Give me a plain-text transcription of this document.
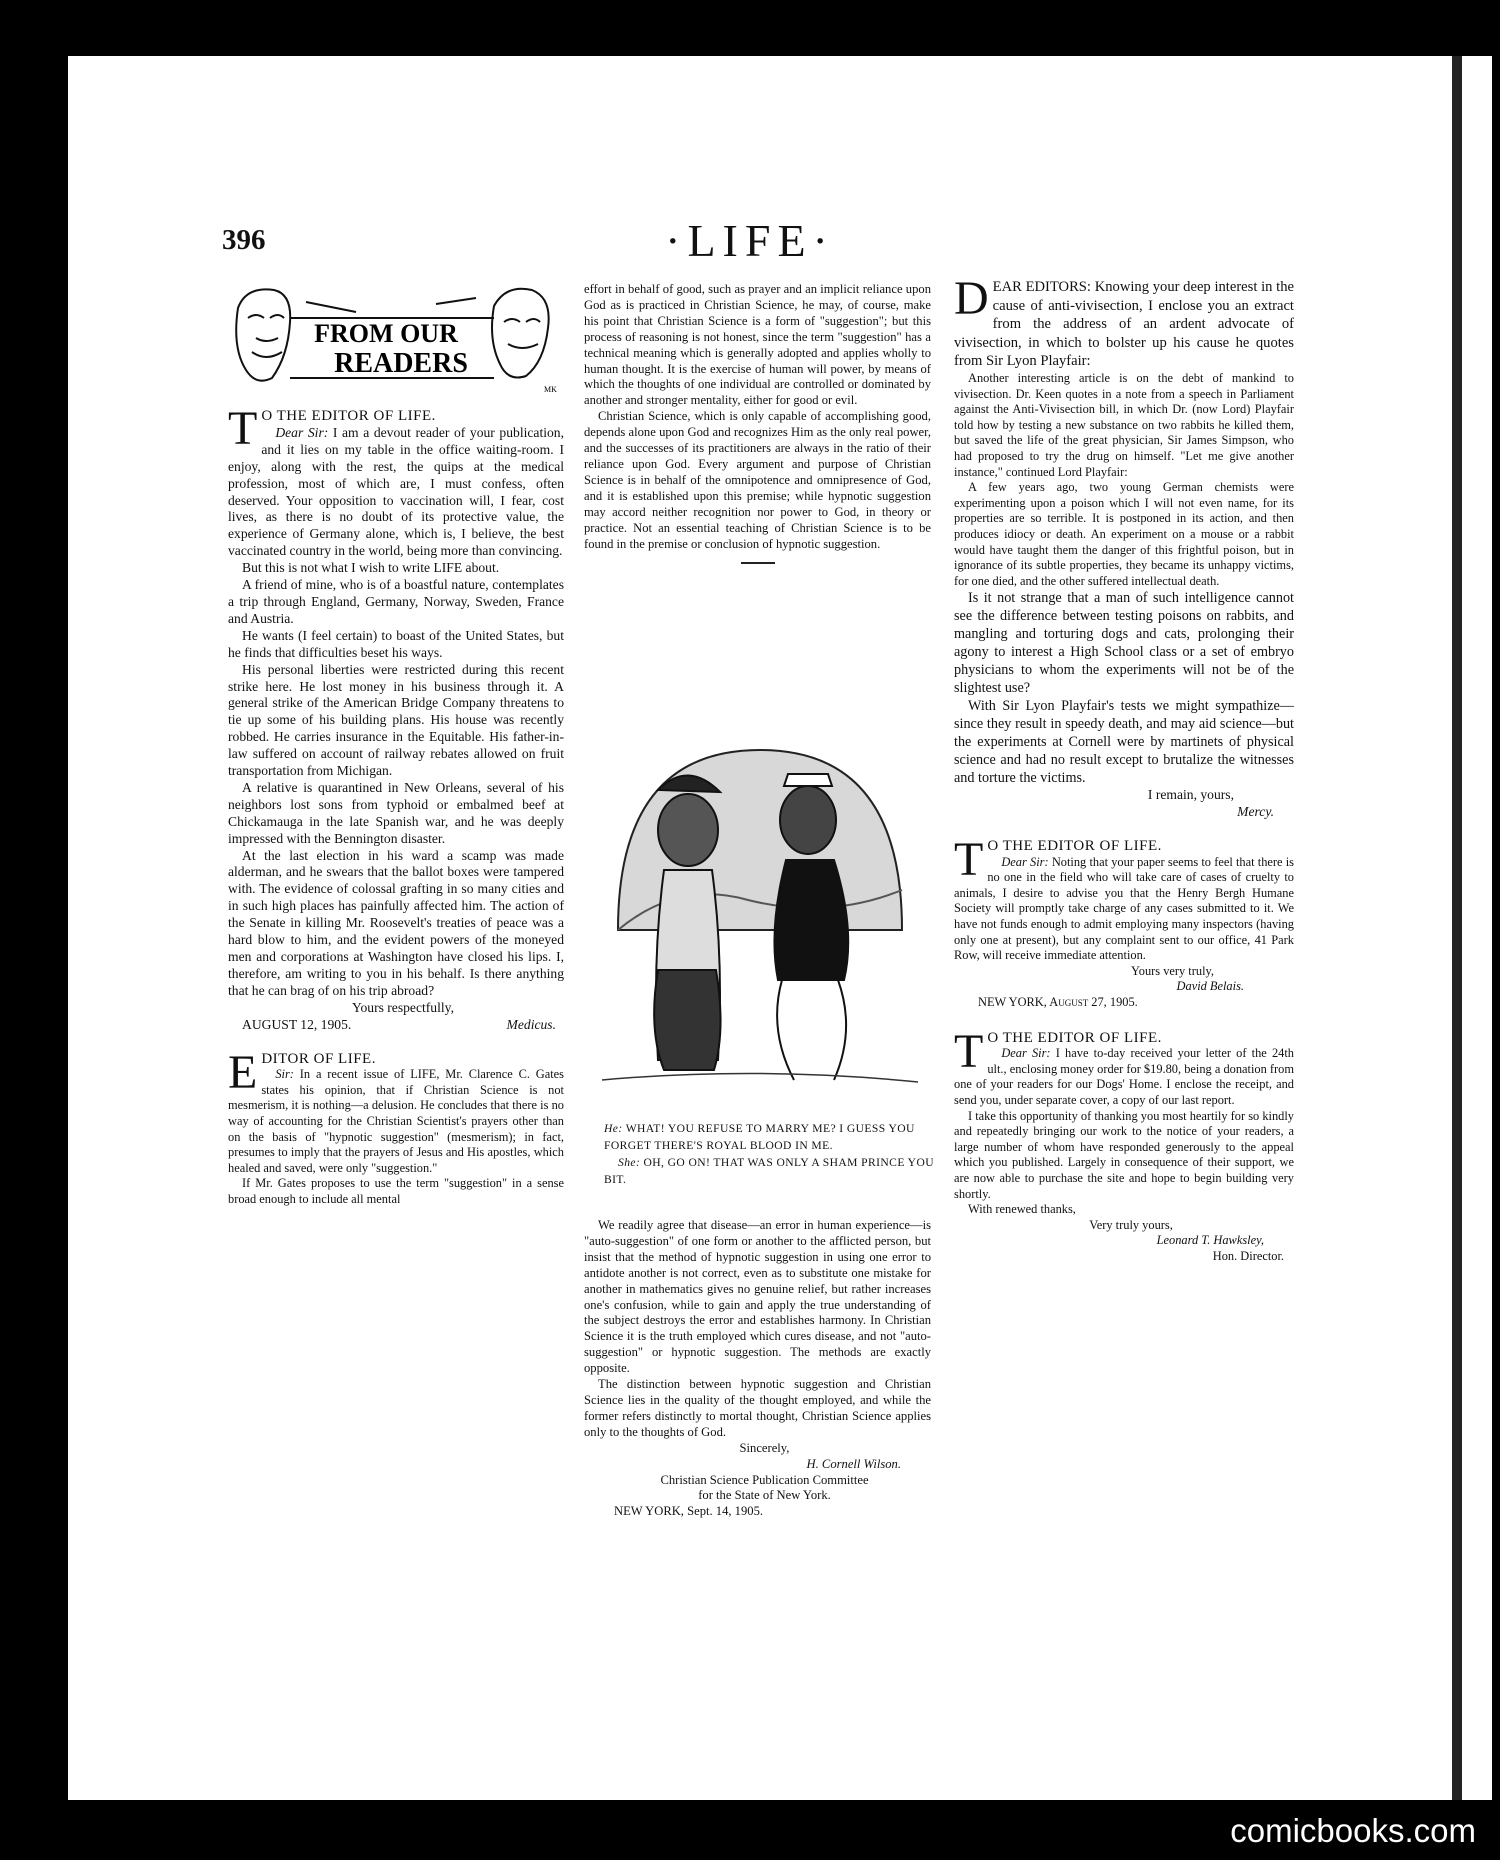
396	·LIFE·
FROM OUR
READERS
MK
T O THE EDITOR OF LIFE.

Dear Sir: I am a devout reader of your publication, and it lies on my table in the office waiting-room. I enjoy, along with the rest, the quips at the medical profession, most of which are, I must confess, often deserved. Your opposition to vaccination will, I fear, cost lives, as there is no doubt of its protective value, the experience of Germany alone, which is, I believe, the best vaccinated country in the world, being more than convincing.

But this is not what I wish to write LIFE about.

A friend of mine, who is of a boastful nature, contemplates a trip through England, Germany, Norway, Sweden, France and Austria.

He wants (I feel certain) to boast of the United States, but he finds that difficulties beset his ways.

His personal liberties were restricted during this recent strike here. He lost money in his business through it. A general strike of the American Bridge Company threatens to tie up some of his building plans. His house was recently robbed. He carries insurance in the Equitable. His father-in-law suffered on account of railway rebates allowed on fruit transportation from Michigan.

A relative is quarantined in New Orleans, several of his neighbors lost sons from typhoid or embalmed beef at Chickamauga in the late Spanish war, and he was deeply impressed with the Bennington disaster.

At the last election in his ward a scamp was made alderman, and he swears that the ballot boxes were tampered with. The evidence of colossal grafting in so many cities and in such high places has painfully affected him. The action of the Senate in killing Mr. Roosevelt's treaties of peace was a hard blow to him, and the evident powers of the moneyed men and corporations at Washington have closed his lips. I, therefore, am writing to you in his behalf. Is there anything that he can brag of on his trip abroad?

Yours respectfully,

AUGUST 12, 1905.	Medicus.

E DITOR OF LIFE.

Sir: In a recent issue of LIFE, Mr. Clarence C. Gates states his opinion, that if Christian Science is not mesmerism, it is nothing—a delusion. He concludes that there is no way of accounting for the Christian Scientist's prayers other than on the basis of "hypnotic suggestion" (mesmerism); in fact, presumes to imply that the prayers of Jesus and His apostles, which healed and saved, were only "suggestion."

If Mr. Gates proposes to use the term "suggestion" in a sense broad enough to include all mental

effort in behalf of good, such as prayer and an implicit reliance upon God as is practiced in Christian Science, he may, of course, make his point that Christian Science is a form of "suggestion"; but this process of reasoning is not honest, since the term "suggestion" has a technical meaning which is generally adopted and applies wholly to human thought. It is the exercise of human will power, by means of which the thoughts of one individual are controlled or dominated by another and stronger mentality, either for good or evil.

Christian Science, which is only capable of accomplishing good, depends alone upon God and recognizes Him as the only real power, and the successes of its practitioners are always in the ratio of their reliance upon God. Every argument and purpose of Christian Science is in behalf of the omnipotence and omnipresence of God, and it is established upon this premise; while hypnotic suggestion may accord neither recognition nor power to God, in theory or practice. Not an essential teaching of Christian Science is to be found in the premise or conclusion of hypnotic suggestion.

He: WHAT! YOU REFUSE TO MARRY ME? I GUESS YOU FORGET THERE'S ROYAL BLOOD IN ME.
She: OH, GO ON! THAT WAS ONLY A SHAM PRINCE YOU BIT.

We readily agree that disease—an error in human experience—is "auto-suggestion" of one form or another to the afflicted person, but insist that the method of hypnotic suggestion in using one error to antidote another is not correct, even as to substitute one mistake for another in mathematics gives no genuine relief, but rather increases one's confusion, while to gain and apply the true understanding of the subject destroys the error and establishes harmony. In Christian Science it is the truth employed which cures disease, and not "auto-suggestion" or hypnotic suggestion. The methods are exactly opposite.

The distinction between hypnotic suggestion and Christian Science lies in the quality of the thought employed, and while the former refers distinctly to mortal thought, Christian Science applies only to the thoughts of God.

Sincerely,

H. Cornell Wilson.

Christian Science Publication Committee

for the State of New York.

NEW YORK, Sept. 14, 1905.

D EAR EDITORS: Knowing your deep interest in the cause of anti-vivisection, I enclose you an extract from the address of an ardent advocate of vivisection, in which to bolster up his cause he quotes from Sir Lyon Playfair:

Another interesting article is on the debt of mankind to vivisection. Dr. Keen quotes in a note from a speech in Parliament against the Anti-Vivisection bill, in which Dr. (now Lord) Playfair told how by testing a new substance on two rabbits he killed them, but saved the life of the great physician, Sir James Simpson, who had proposed to try the drug on himself. "Let me give another instance," continued Lord Playfair:

A few years ago, two young German chemists were experimenting upon a poison which I will not even name, for its properties are so terrible. It is postponed in its action, and then produces idiocy or death. An experiment on a mouse or a rabbit would have taught them the danger of this frightful poison, but in ignorance of its subtle properties, they became its unhappy victims, for one died, and the other suffered intellectual death.

Is it not strange that a man of such intelligence cannot see the difference between testing poisons on rabbits, and mangling and torturing dogs and cats, prolonging their agony to interest a High School class or a set of embryo physicians to whom the experiments will not be of the slightest use?

With Sir Lyon Playfair's tests we might sympathize—since they result in speedy death, and may aid science—but the experiments at Cornell were by martinets of physical science and had no result except to brutalize the witnesses and torture the victims.

I remain, yours,

Mercy.

T O THE EDITOR OF LIFE.

Dear Sir: Noting that your paper seems to feel that there is no one in the field who will take care of cases of cruelty to animals, I desire to advise you that the Henry Bergh Humane Society will promptly take charge of any cases submitted to it. We have not funds enough to admit employing many inspectors (having only one at present), but any complaint sent to our office, 41 Park Row, will receive immediate attention.

Yours very truly,

David Belais.

NEW YORK, August 27, 1905.

T O THE EDITOR OF LIFE.

Dear Sir: I have to-day received your letter of the 24th ult., enclosing money order for $19.80, being a donation from one of your readers for our Dogs' Home. I enclose the receipt, and send you, under separate cover, a copy of our last report.

I take this opportunity of thanking you most heartily for so kindly and repeatedly bringing our work to the notice of your readers, a large number of whom have responded generously to the appeal which you published. Largely in consequence of their support, we are now able to purchase the site and hope to begin building very shortly.

With renewed thanks,

Very truly yours,

Leonard T. Hawksley,

Hon. Director.

comicbooks.com
